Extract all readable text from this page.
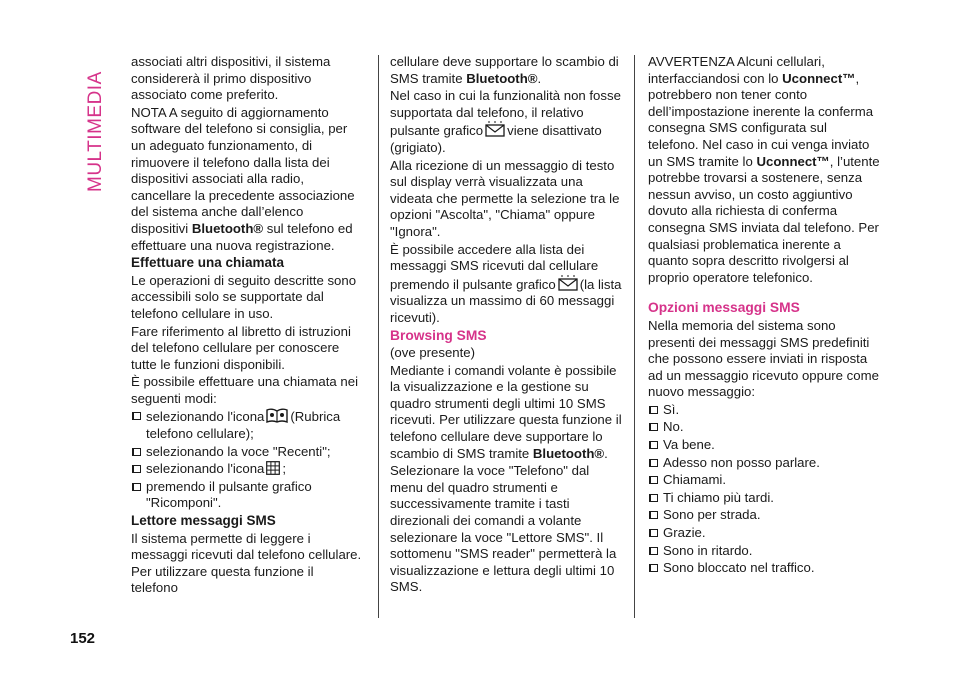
MULTIMEDIA

associati altri dispositivi, il sistema considererà il primo dispositivo associato come preferito.

NOTA A seguito di aggiornamento software del telefono si consiglia, per un adeguato funzionamento, di rimuovere il telefono dalla lista dei dispositivi associati alla radio, cancellare la precedente associazione del sistema anche dall’elenco dispositivi Bluetooth® sul telefono ed effettuare una nuova registrazione.

Effettuare una chiamata

Le operazioni di seguito descritte sono accessibili solo se supportate dal telefono cellulare in uso.

Fare riferimento al libretto di istruzioni del telefono cellulare per conoscere tutte le funzioni disponibili.

È possibile effettuare una chiamata nei seguenti modi:

selezionando l'icona (Rubrica telefono cellulare);

selezionando la voce "Recenti";

selezionando l'icona ;

premendo il pulsante grafico "Ricomponi".

Lettore messaggi SMS

Il sistema permette di leggere i messaggi ricevuti dal telefono cellulare. Per utilizzare questa funzione il telefono

cellulare deve supportare lo scambio di SMS tramite Bluetooth®.

Nel caso in cui la funzionalità non fosse supportata dal telefono, il relativo pulsante grafico viene disattivato (grigiato).

Alla ricezione di un messaggio di testo sul display verrà visualizzata una videata che permette la selezione tra le opzioni "Ascolta", "Chiama" oppure "Ignora".

È possibile accedere alla lista dei messaggi SMS ricevuti dal cellulare premendo il pulsante grafico (la lista visualizza un massimo di 60 messaggi ricevuti).

Browsing SMS

(ove presente)

Mediante i comandi volante è possibile la visualizzazione e la gestione su quadro strumenti degli ultimi 10 SMS ricevuti. Per utilizzare questa funzione il telefono cellulare deve supportare lo scambio di SMS tramite Bluetooth®.

Selezionare la voce "Telefono" dal menu del quadro strumenti e successivamente tramite i tasti direzionali dei comandi a volante selezionare la voce "Lettore SMS". Il sottomenu "SMS reader" permetterà la visualizzazione e lettura degli ultimi 10 SMS.

AVVERTENZA Alcuni cellulari, interfacciandosi con lo Uconnect™, potrebbero non tener conto dell’impostazione inerente la conferma consegna SMS configurata sul telefono. Nel caso in cui venga inviato un SMS tramite lo Uconnect™, l’utente potrebbe trovarsi a sostenere, senza nessun avviso, un costo aggiuntivo dovuto alla richiesta di conferma consegna SMS inviata dal telefono. Per qualsiasi problematica inerente a quanto sopra descritto rivolgersi al proprio operatore telefonico.

Opzioni messaggi SMS

Nella memoria del sistema sono presenti dei messaggi SMS predefiniti che possono essere inviati in risposta ad un messaggio ricevuto oppure come nuovo messaggio:

Sì.

No.

Va bene.

Adesso non posso parlare.

Chiamami.

Ti chiamo più tardi.

Sono per strada.

Grazie.

Sono in ritardo.

Sono bloccato nel traffico.

152
